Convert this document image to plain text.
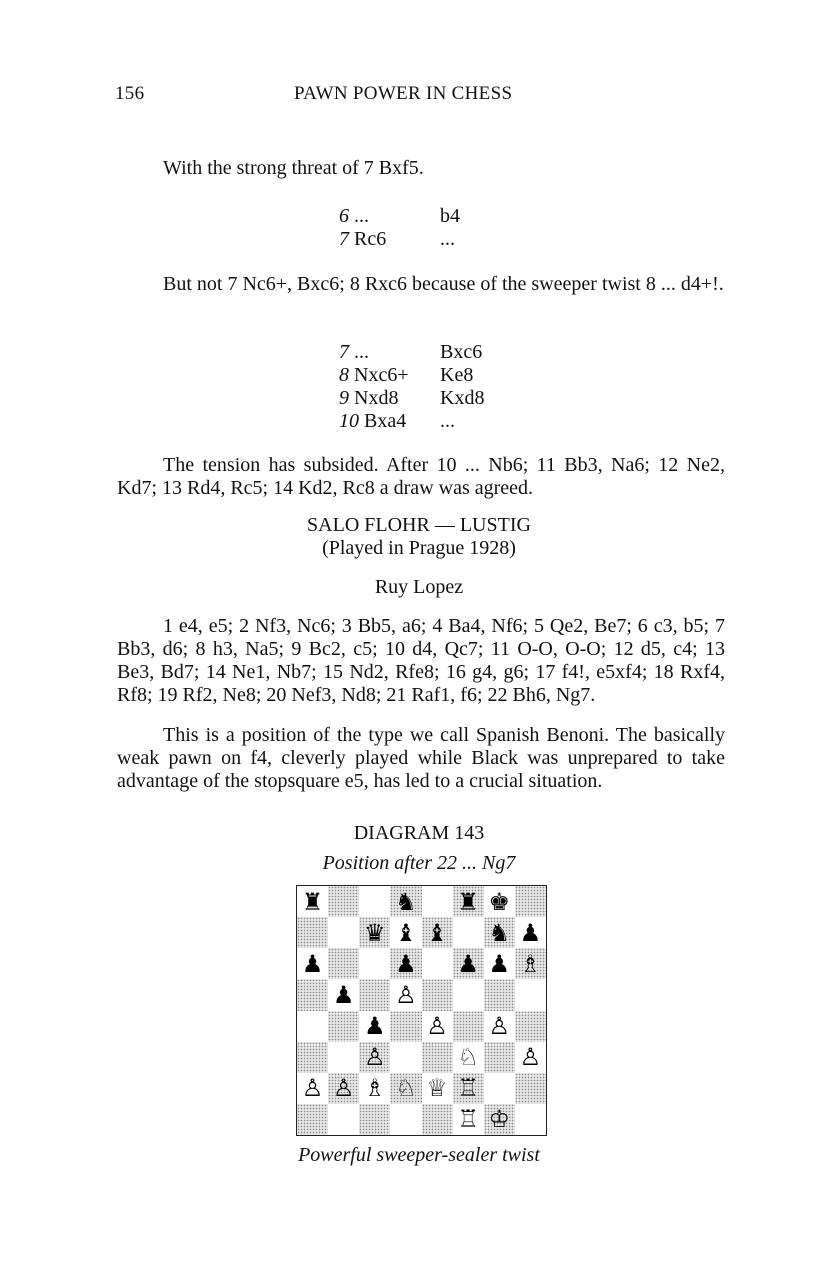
156	PAWN POWER IN CHESS
With the strong threat of 7 Bxf5.
6 ...	b4
7 Rc6	...
But not 7 Nc6+, Bxc6; 8 Rxc6 because of the sweeper twist 8 ... d4+!.
7 ...	Bxc6
8 Nxc6+ Ke8
9 Nxd8 Kxd8
10 Bxa4 ...
The tension has subsided. After 10 ... Nb6; 11 Bb3, Na6; 12 Ne2, Kd7; 13 Rd4, Rc5; 14 Kd2, Rc8 a draw was agreed.
SALO FLOHR — LUSTIG
(Played in Prague 1928)
Ruy Lopez
1 e4, e5; 2 Nf3, Nc6; 3 Bb5, a6; 4 Ba4, Nf6; 5 Qe2, Be7; 6 c3, b5; 7 Bb3, d6; 8 h3, Na5; 9 Bc2, c5; 10 d4, Qc7; 11 O-O, O-O; 12 d5, c4; 13 Be3, Bd7; 14 Ne1, Nb7; 15 Nd2, Rfe8; 16 g4, g6; 17 f4!, e5xf4; 18 Rxf4, Rf8; 19 Rf2, Ne8; 20 Nef3, Nd8; 21 Raf1, f6; 22 Bh6, Ng7.
This is a position of the type we call Spanish Benoni. The basically weak pawn on f4, cleverly played while Black was unprepared to take advantage of the stopsquare e5, has led to a crucial situation.
DIAGRAM 143
Position after 22 ... Ng7
♜	♞ ♜ ♚
♛ ♝ ♝ ♞ ♟
♟	♟ ♟ ♟ ♗
♟ ♙
♟ ♙ ♙
♙	♘ ♙
♙ ♙ ♗ ♘ ♕ ♖
♖ ♔
Powerful sweeper-sealer twist
